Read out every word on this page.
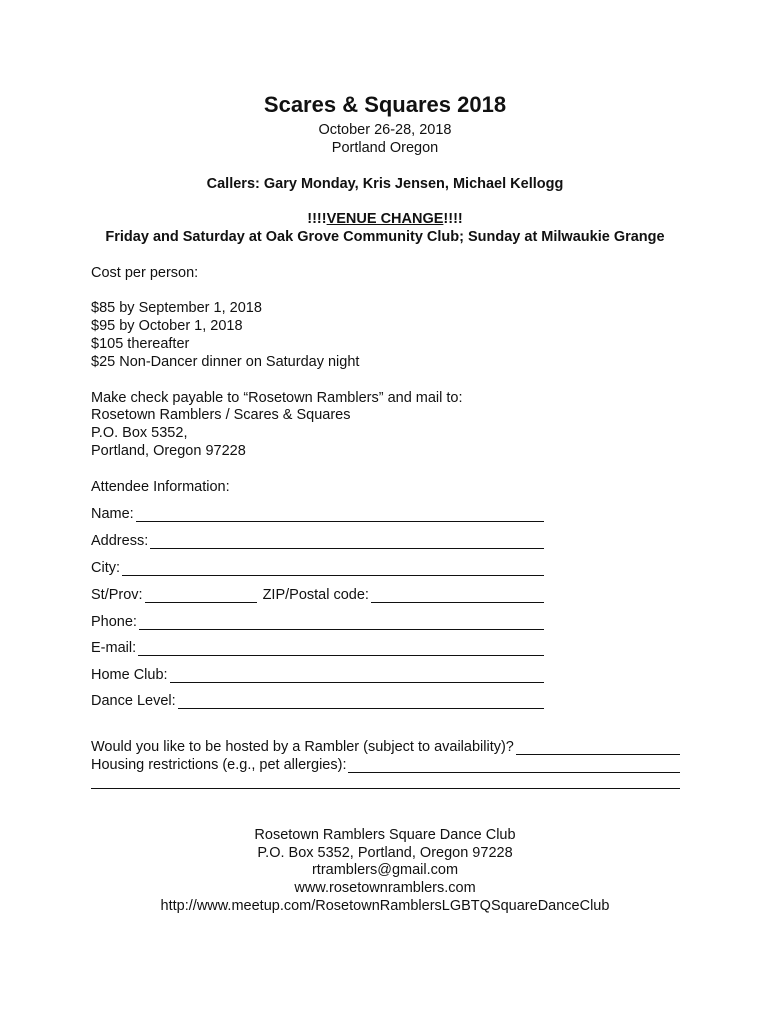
Scares & Squares 2018
October 26-28, 2018
Portland Oregon
Callers: Gary Monday, Kris Jensen, Michael Kellogg
!!!!VENUE CHANGE!!!!
Friday and Saturday at Oak Grove Community Club; Sunday at Milwaukie Grange
Cost per person:
$85 by September 1, 2018
$95 by October 1, 2018
$105 thereafter
$25 Non-Dancer dinner on Saturday night
Make check payable to “Rosetown Ramblers” and mail to:
Rosetown Ramblers / Scares & Squares
P.O. Box 5352,
Portland, Oregon 97228
Attendee Information:
Name:
Address:
City:
St/Prov:	ZIP/Postal code:
Phone:
E-mail:
Home Club:
Dance Level:
Would you like to be hosted by a Rambler (subject to availability)?
Housing restrictions (e.g., pet allergies):
Rosetown Ramblers Square Dance Club
P.O. Box 5352, Portland, Oregon 97228
rtramblers@gmail.com
www.rosetownramblers.com
http://www.meetup.com/RosetownRamblersLGBTQSquareDanceClub
